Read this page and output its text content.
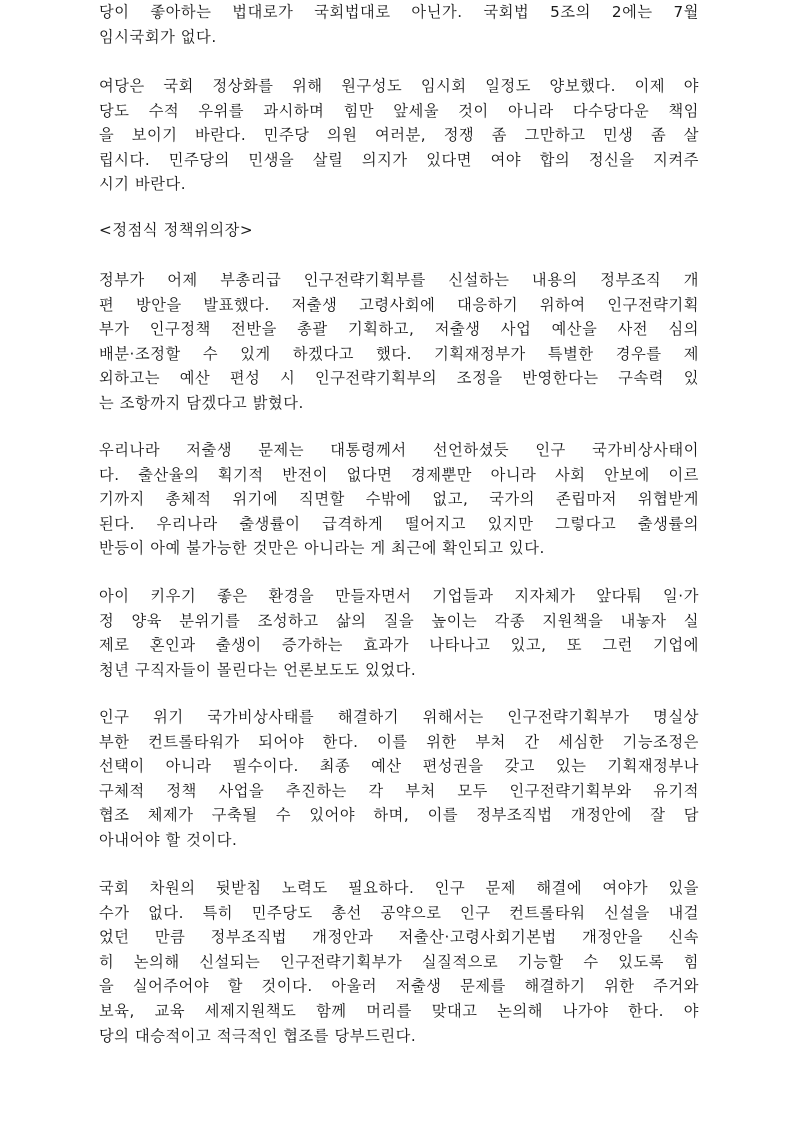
당이 좋아하는 법대로가 국회법대로 아닌가. 국회법 5조의 2에는 7월
임시국회가 없다.
여당은 국회 정상화를 위해 원구성도 임시회 일정도 양보했다. 이제 야
당도 수적 우위를 과시하며 힘만 앞세울 것이 아니라 다수당다운 책임
을 보이기 바란다. 민주당 의원 여러분, 정쟁 좀 그만하고 민생 좀 살
립시다. 민주당의 민생을 살릴 의지가 있다면 여야 합의 정신을 지켜주
시기 바란다.
<정점식 정책위의장>
정부가 어제 부총리급 인구전략기획부를 신설하는 내용의 정부조직 개
편 방안을 발표했다. 저출생 고령사회에 대응하기 위하여 인구전략기획
부가 인구정책 전반을 총괄 기획하고, 저출생 사업 예산을 사전 심의
배분·조정할 수 있게 하겠다고 했다. 기획재정부가 특별한 경우를 제
외하고는 예산 편성 시 인구전략기획부의 조정을 반영한다는 구속력 있
는 조항까지 담겠다고 밝혔다.
우리나라 저출생 문제는 대통령께서 선언하셨듯 인구 국가비상사태이
다. 출산율의 획기적 반전이 없다면 경제뿐만 아니라 사회 안보에 이르
기까지 총체적 위기에 직면할 수밖에 없고, 국가의 존립마저 위협받게
된다. 우리나라 출생률이 급격하게 떨어지고 있지만 그렇다고 출생률의
반등이 아예 불가능한 것만은 아니라는 게 최근에 확인되고 있다.
아이 키우기 좋은 환경을 만들자면서 기업들과 지자체가 앞다퉈 일·가
정 양육 분위기를 조성하고 삶의 질을 높이는 각종 지원책을 내놓자 실
제로 혼인과 출생이 증가하는 효과가 나타나고 있고, 또 그런 기업에
청년 구직자들이 몰린다는 언론보도도 있었다.
인구 위기 국가비상사태를 해결하기 위해서는 인구전략기획부가 명실상
부한 컨트롤타워가 되어야 한다. 이를 위한 부처 간 세심한 기능조정은
선택이 아니라 필수이다. 최종 예산 편성권을 갖고 있는 기획재정부나
구체적 정책 사업을 추진하는 각 부처 모두 인구전략기획부와 유기적
협조 체제가 구축될 수 있어야 하며, 이를 정부조직법 개정안에 잘 담
아내어야 할 것이다.
국회 차원의 뒷받침 노력도 필요하다. 인구 문제 해결에 여야가 있을
수가 없다. 특히 민주당도 총선 공약으로 인구 컨트롤타워 신설을 내걸
었던 만큼 정부조직법 개정안과 저출산·고령사회기본법 개정안을 신속
히 논의해 신설되는 인구전략기획부가 실질적으로 기능할 수 있도록 힘
을 실어주어야 할 것이다. 아울러 저출생 문제를 해결하기 위한 주거와
보육, 교육 세제지원책도 함께 머리를 맞대고 논의해 나가야 한다. 야
당의 대승적이고 적극적인 협조를 당부드린다.
